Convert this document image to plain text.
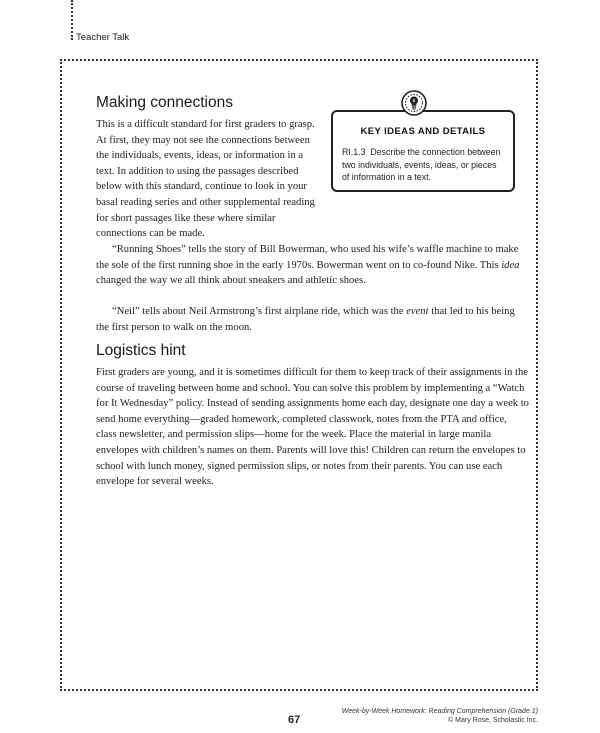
Teacher Talk
Making connections

This is a difficult standard for first graders to grasp. At first, they may not see the connections between the individuals, events, ideas, or information in a text. In addition to using the passages described below with this standard, continue to look in your basal reading series and other supplemental reading for short passages like these where similar connections can be made.

KEY IDEAS AND DETAILS
RI.1.3 Describe the connection between two individuals, events, ideas, or pieces of information in a text.

“Running Shoes” tells the story of Bill Bowerman, who used his wife’s waffle machine to make the sole of the first running shoe in the early 1970s. Bowerman went on to co-found Nike. This idea changed the way we all think about sneakers and athletic shoes.

“Neil” tells about Neil Armstrong’s first airplane ride, which was the event that led to his being the first person to walk on the moon.

Logistics hint

First graders are young, and it is sometimes difficult for them to keep track of their assignments in the course of traveling between home and school. You can solve this problem by implementing a “Watch for It Wednesday” policy. Instead of sending assignments home each day, designate one day a week to send home everything—graded homework, completed classwork, notes from the PTA and office, class newsletter, and permission slips—home for the week. Place the material in large manila envelopes with children’s names on them. Parents will love this! Children can return the envelopes to school with lunch money, signed permission slips, or notes from their parents. You can use each envelope for several weeks.

67
Week-by-Week Homework: Reading Comprehension (Grade 1)
© Mary Rose, Scholastic Inc.
